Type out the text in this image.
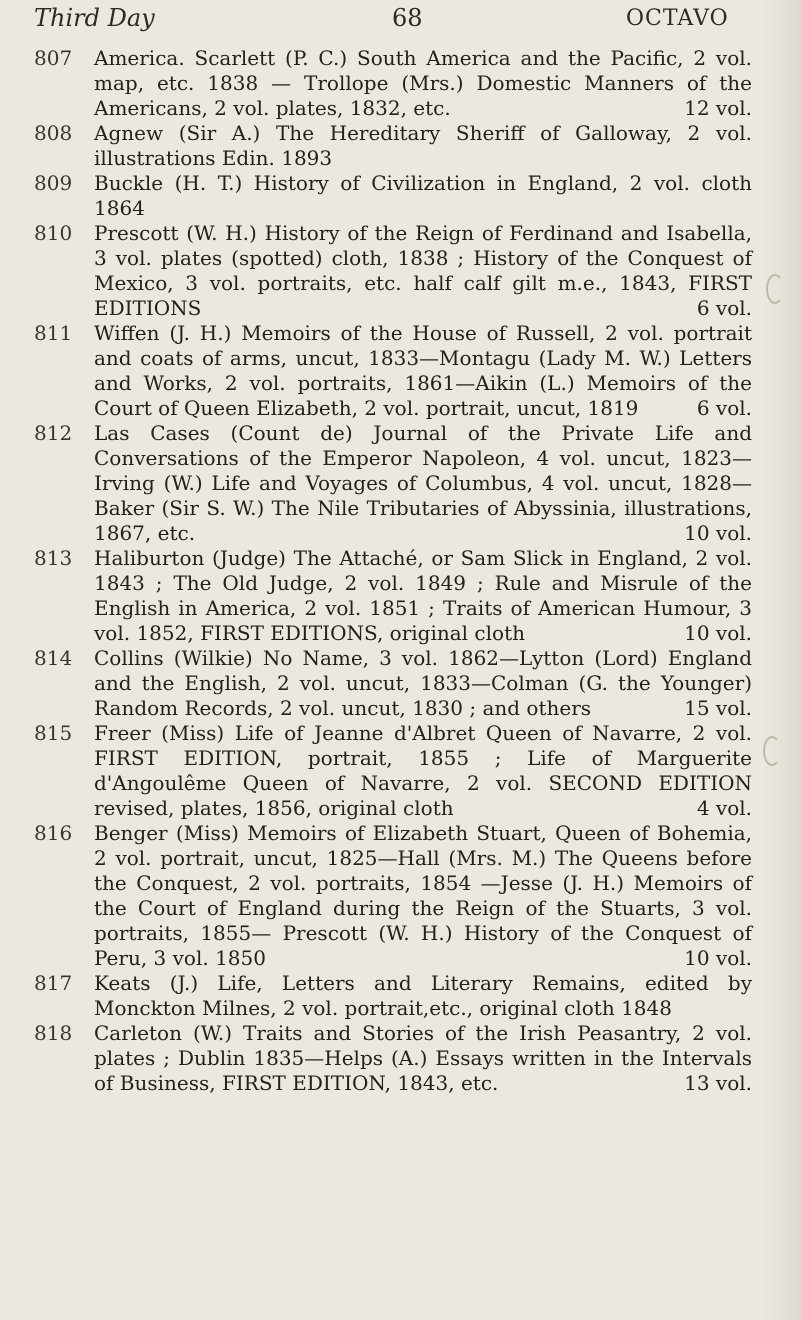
Third Day	68	OCTAVO
807 America. Scarlett (P. C.) South America and the Pacific, 2 vol. map, etc. 1838 — Trollope (Mrs.) Domestic Manners of the Americans, 2 vol. plates, 1832, etc.	12 vol.
808 Agnew (Sir A.) The Hereditary Sheriff of Galloway, 2 vol. illustrations Edin. 1893
809 Buckle (H. T.) History of Civilization in England, 2 vol. cloth 1864
810 Prescott (W. H.) History of the Reign of Ferdinand and Isabella, 3 vol. plates (spotted) cloth, 1838 ; History of the Conquest of Mexico, 3 vol. portraits, etc. half calf gilt m.e., 1843, FIRST EDITIONS	6 vol.
811 Wiffen (J. H.) Memoirs of the House of Russell, 2 vol. portrait and coats of arms, uncut, 1833—Montagu (Lady M. W.) Letters and Works, 2 vol. portraits, 1861—Aikin (L.) Memoirs of the Court of Queen Elizabeth, 2 vol. portrait, uncut, 1819	6 vol.
812 Las Cases (Count de) Journal of the Private Life and Conversations of the Emperor Napoleon, 4 vol. uncut, 1823—Irving (W.) Life and Voyages of Columbus, 4 vol. uncut, 1828—Baker (Sir S. W.) The Nile Tributaries of Abyssinia, illustrations, 1867, etc.	10 vol.
813 Haliburton (Judge) The Attaché, or Sam Slick in England, 2 vol. 1843 ; The Old Judge, 2 vol. 1849 ; Rule and Misrule of the English in America, 2 vol. 1851 ; Traits of American Humour, 3 vol. 1852, FIRST EDITIONS, original cloth	10 vol.
814 Collins (Wilkie) No Name, 3 vol. 1862—Lytton (Lord) England and the English, 2 vol. uncut, 1833—Colman (G. the Younger) Random Records, 2 vol. uncut, 1830 ; and others	15 vol.
815 Freer (Miss) Life of Jeanne d'Albret Queen of Navarre, 2 vol. FIRST EDITION, portrait, 1855 ; Life of Marguerite d'Angoulême Queen of Navarre, 2 vol. SECOND EDITION revised, plates, 1856, original cloth	4 vol.
816 Benger (Miss) Memoirs of Elizabeth Stuart, Queen of Bohemia, 2 vol. portrait, uncut, 1825—Hall (Mrs. M.) The Queens before the Conquest, 2 vol. portraits, 1854 —Jesse (J. H.) Memoirs of the Court of England during the Reign of the Stuarts, 3 vol. portraits, 1855— Prescott (W. H.) History of the Conquest of Peru, 3 vol. 1850	10 vol.
817 Keats (J.) Life, Letters and Literary Remains, edited by Monckton Milnes, 2 vol. portrait,etc., original cloth 1848
818 Carleton (W.) Traits and Stories of the Irish Peasantry, 2 vol. plates ; Dublin 1835—Helps (A.) Essays written in the Intervals of Business, FIRST EDITION, 1843, etc.	13 vol.
